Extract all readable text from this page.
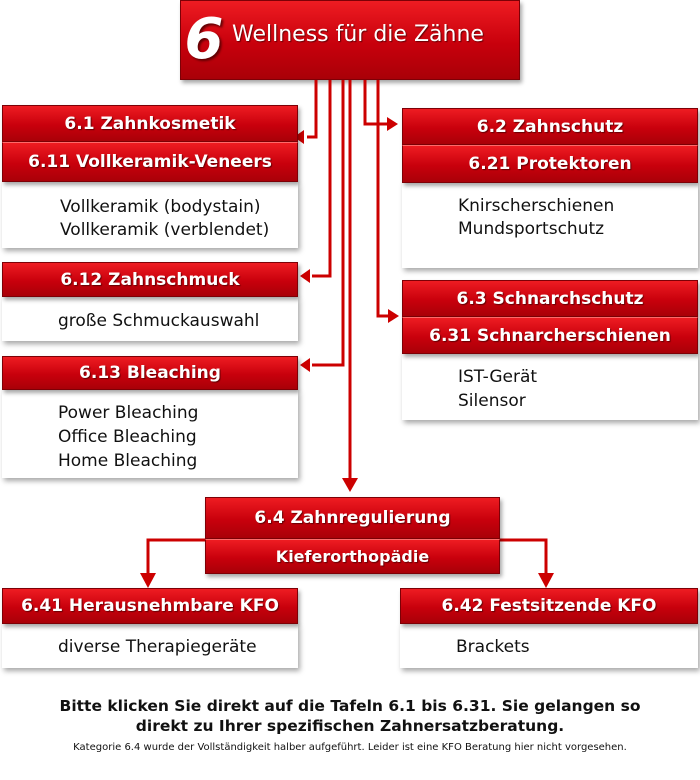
6 Wellness für die Zähne
6.1 Zahnkosmetik
6.11 Vollkeramik-Veneers
Vollkeramik (bodystain)
Vollkeramik (verblendet)
6.12 Zahnschmuck
große Schmuckauswahl
6.13 Bleaching
Power Bleaching
Office Bleaching
Home Bleaching
6.2 Zahnschutz
6.21 Protektoren
Knirscherschienen
Mundsportschutz
6.3 Schnarchschutz
6.31 Schnarcherschienen
IST-Gerät
Silensor
6.4 Zahnregulierung
Kieferorthopädie
6.41 Herausnehmbare KFO
diverse Therapiegeräte
6.42 Festsitzende KFO
Brackets
Bitte klicken Sie direkt auf die Tafeln 6.1 bis 6.31. Sie gelangen so
direkt zu Ihrer spezifischen Zahnersatzberatung.
Kategorie 6.4 wurde der Vollständigkeit halber aufgeführt. Leider ist eine KFO Beratung hier nicht vorgesehen.
